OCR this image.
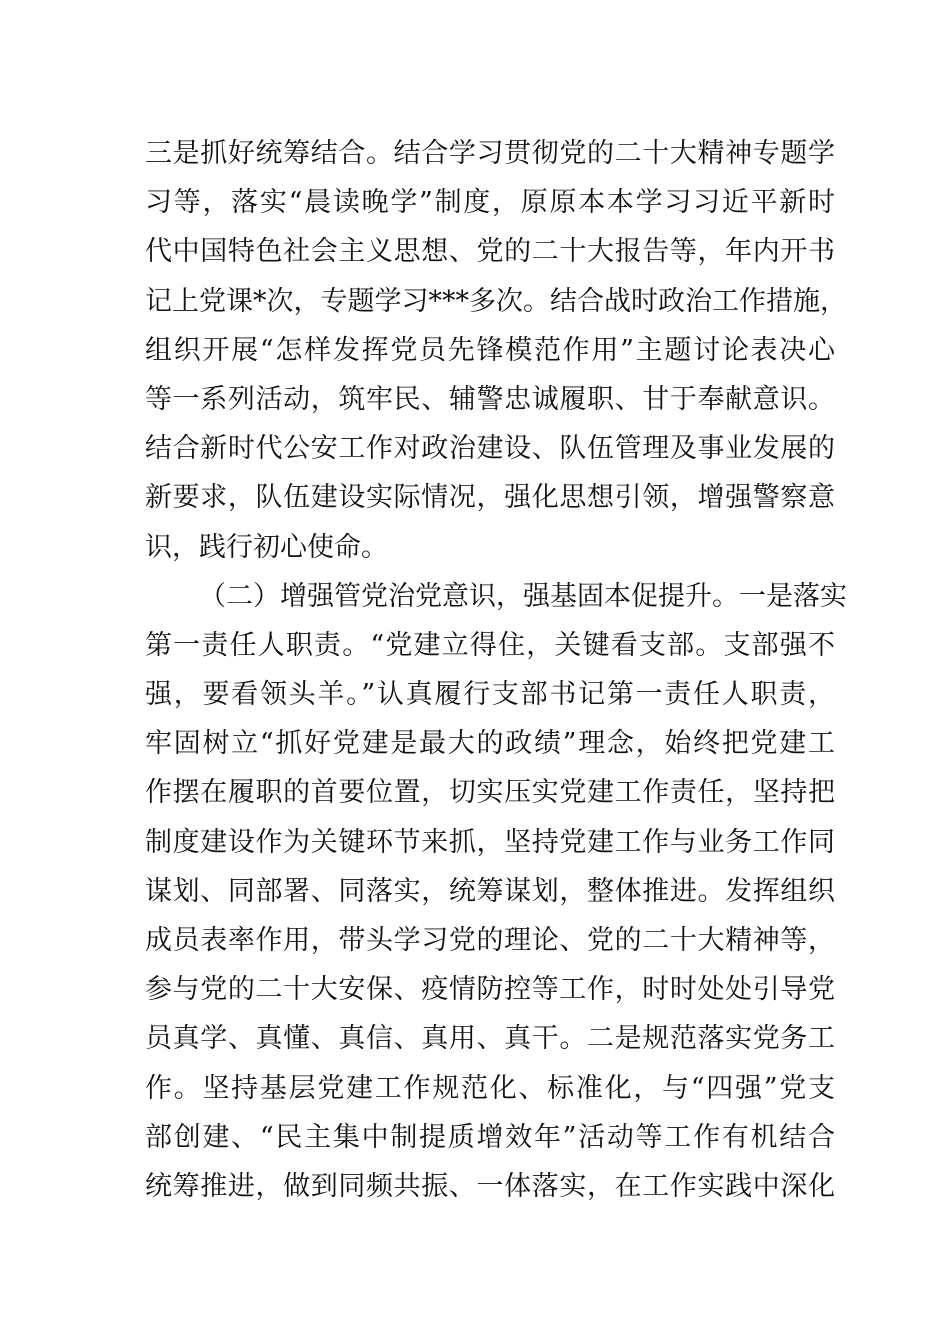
三是抓好统筹结合。结合学习贯彻党的二十大精神专题学
习等，落实“晨读晚学”制度，原原本本学习习近平新时
代中国特色社会主义思想、党的二十大报告等，年内开书
记上党课*次，专题学习***多次。结合战时政治工作措施，
组织开展“怎样发挥党员先锋模范作用”主题讨论表决心
等一系列活动，筑牢民、辅警忠诚履职、甘于奉献意识。
结合新时代公安工作对政治建设、队伍管理及事业发展的
新要求，队伍建设实际情况，强化思想引领，增强警察意
识，践行初心使命。
（二）增强管党治党意识，强基固本促提升。一是落实
第一责任人职责。“党建立得住，关键看支部。支部强不
强，要看领头羊。”认真履行支部书记第一责任人职责，
牢固树立“抓好党建是最大的政绩”理念，始终把党建工
作摆在履职的首要位置，切实压实党建工作责任，坚持把
制度建设作为关键环节来抓，坚持党建工作与业务工作同
谋划、同部署、同落实，统筹谋划，整体推进。发挥组织
成员表率作用，带头学习党的理论、党的二十大精神等，
参与党的二十大安保、疫情防控等工作，时时处处引导党
员真学、真懂、真信、真用、真干。二是规范落实党务工
作。坚持基层党建工作规范化、标准化，与“四强”党支
部创建、“民主集中制提质增效年”活动等工作有机结合
统筹推进，做到同频共振、一体落实，在工作实践中深化
